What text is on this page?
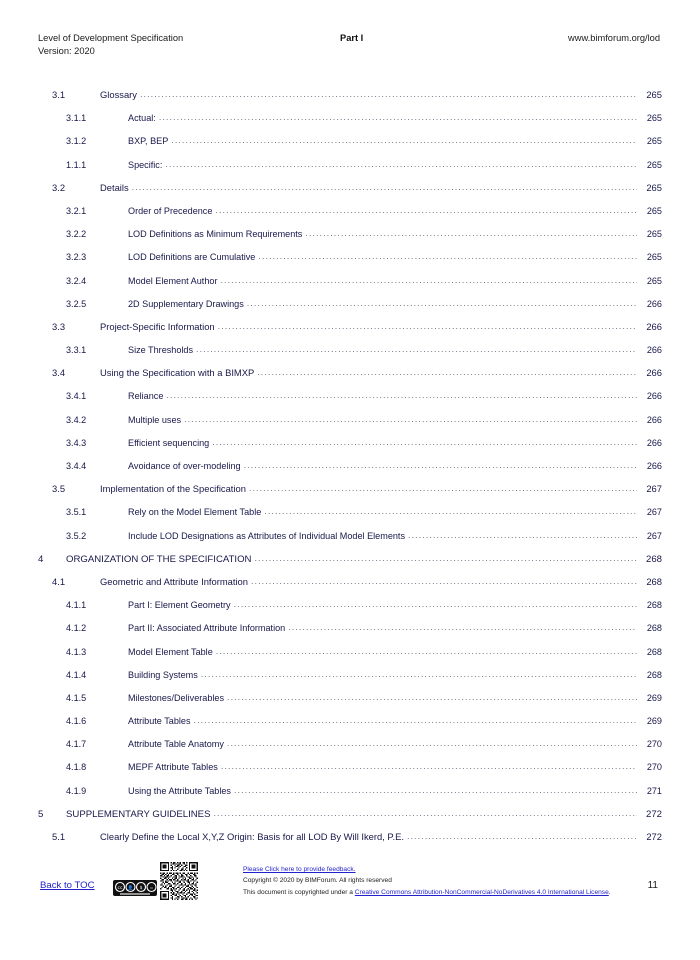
Level of Development Specification	Part I	www.bimforum.org/lod
Version: 2020
3.1	Glossary .....	265
3.1.1	Actual: .....	265
3.1.2	BXP, BEP .....	265
1.1.1	Specific: .....	265
3.2	Details .....	265
3.2.1	Order of Precedence .....	265
3.2.2	LOD Definitions as Minimum Requirements .....	265
3.2.3	LOD Definitions are Cumulative .....	265
3.2.4	Model Element Author .....	265
3.2.5	2D Supplementary Drawings .....	266
3.3	Project-Specific Information .....	266
3.3.1	Size Thresholds .....	266
3.4	Using the Specification with a BIMXP .....	266
3.4.1	Reliance .....	266
3.4.2	Multiple uses .....	266
3.4.3	Efficient sequencing .....	266
3.4.4	Avoidance of over-modeling .....	266
3.5	Implementation of the Specification .....	267
3.5.1	Rely on the Model Element Table .....	267
3.5.2	Include LOD Designations as Attributes of Individual Model Elements .....	267
4	ORGANIZATION OF THE SPECIFICATION .....	268
4.1	Geometric and Attribute Information .....	268
4.1.1	Part I: Element Geometry .....	268
4.1.2	Part II: Associated Attribute Information .....	268
4.1.3	Model Element Table .....	268
4.1.4	Building Systems .....	268
4.1.5	Milestones/Deliverables .....	269
4.1.6	Attribute Tables .....	269
4.1.7	Attribute Table Anatomy .....	270
4.1.8	MEPF Attribute Tables .....	270
4.1.9	Using the Attribute Tables .....	271
5	SUPPLEMENTARY GUIDELINES .....	272
5.1	Clearly Define the Local X,Y,Z Origin: Basis for all LOD By Will Ikerd, P.E. .....	272
Back to TOC
Please Click here to provide feedback.
Copyright © 2020 by BIMForum. All rights reserved
This document is copyrighted under a Creative Commons Attribution-NonCommercial-NoDerivatives 4.0 International License.
11
cc 👤 $ =
